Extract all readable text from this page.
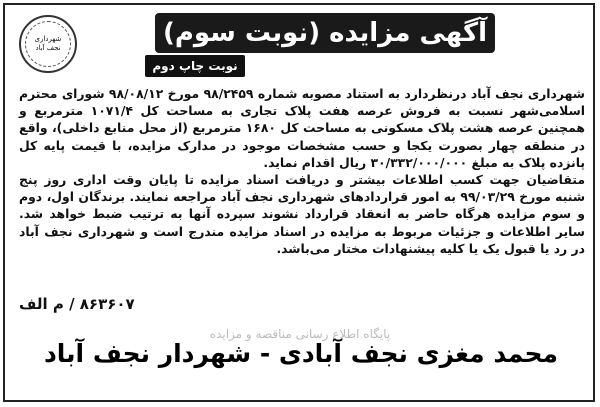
شهرداری
نجف آباد	آگهی مزایده (نوبت سوم)
نوبت چاپ دوم

شهرداری نجف آباد درنظردارد به استناد مصوبه شماره ۹۸/۲۴۵۹ مورخ ۹۸/۰۸/۱۲ شورای محترم اسلامی‌شهر نسبت به فروش عرصه هفت پلاک تجاری به مساحت کل ۱۰۷۱/۴ مترمربع و همچنین عرصه هشت پلاک مسکونی به مساحت کل ۱۶۸۰ مترمربع (از محل منابع داخلی)، واقع در منطقه چهار بصورت یکجا و حسب مشخصات موجود در مدارک مزایده، با قیمت پایه کل پانزده پلاک به مبلغ ۳۰/۳۳۲/۰۰۰/۰۰۰ ریال اقدام نماید.

متقاضیان جهت کسب اطلاعات بیشتر و دریافت اسناد مزایده تا پایان وقت اداری روز پنج شنبه مورخ ۹۹/۰۳/۲۹ به امور قراردادهای شهرداری نجف آباد مراجعه نمایند. برندگان اول، دوم و سوم مزایده هرگاه حاضر به انعقاد قرارداد نشوند سپرده آنها به ترتیب ضبط خواهد شد. سایر اطلاعات و جزئیات مربوط به مزایده در اسناد مزایده مندرج است و شهرداری نجف آباد در رد یا قبول یک یا کلیه پیشنهادات مختار می‌باشد.

۸۶۳۶۰۷ / م الف
پایگاه اطلاع رسانی مناقصه و مزایده
محمد مغزی نجف آبادی - شهردار نجف آباد
